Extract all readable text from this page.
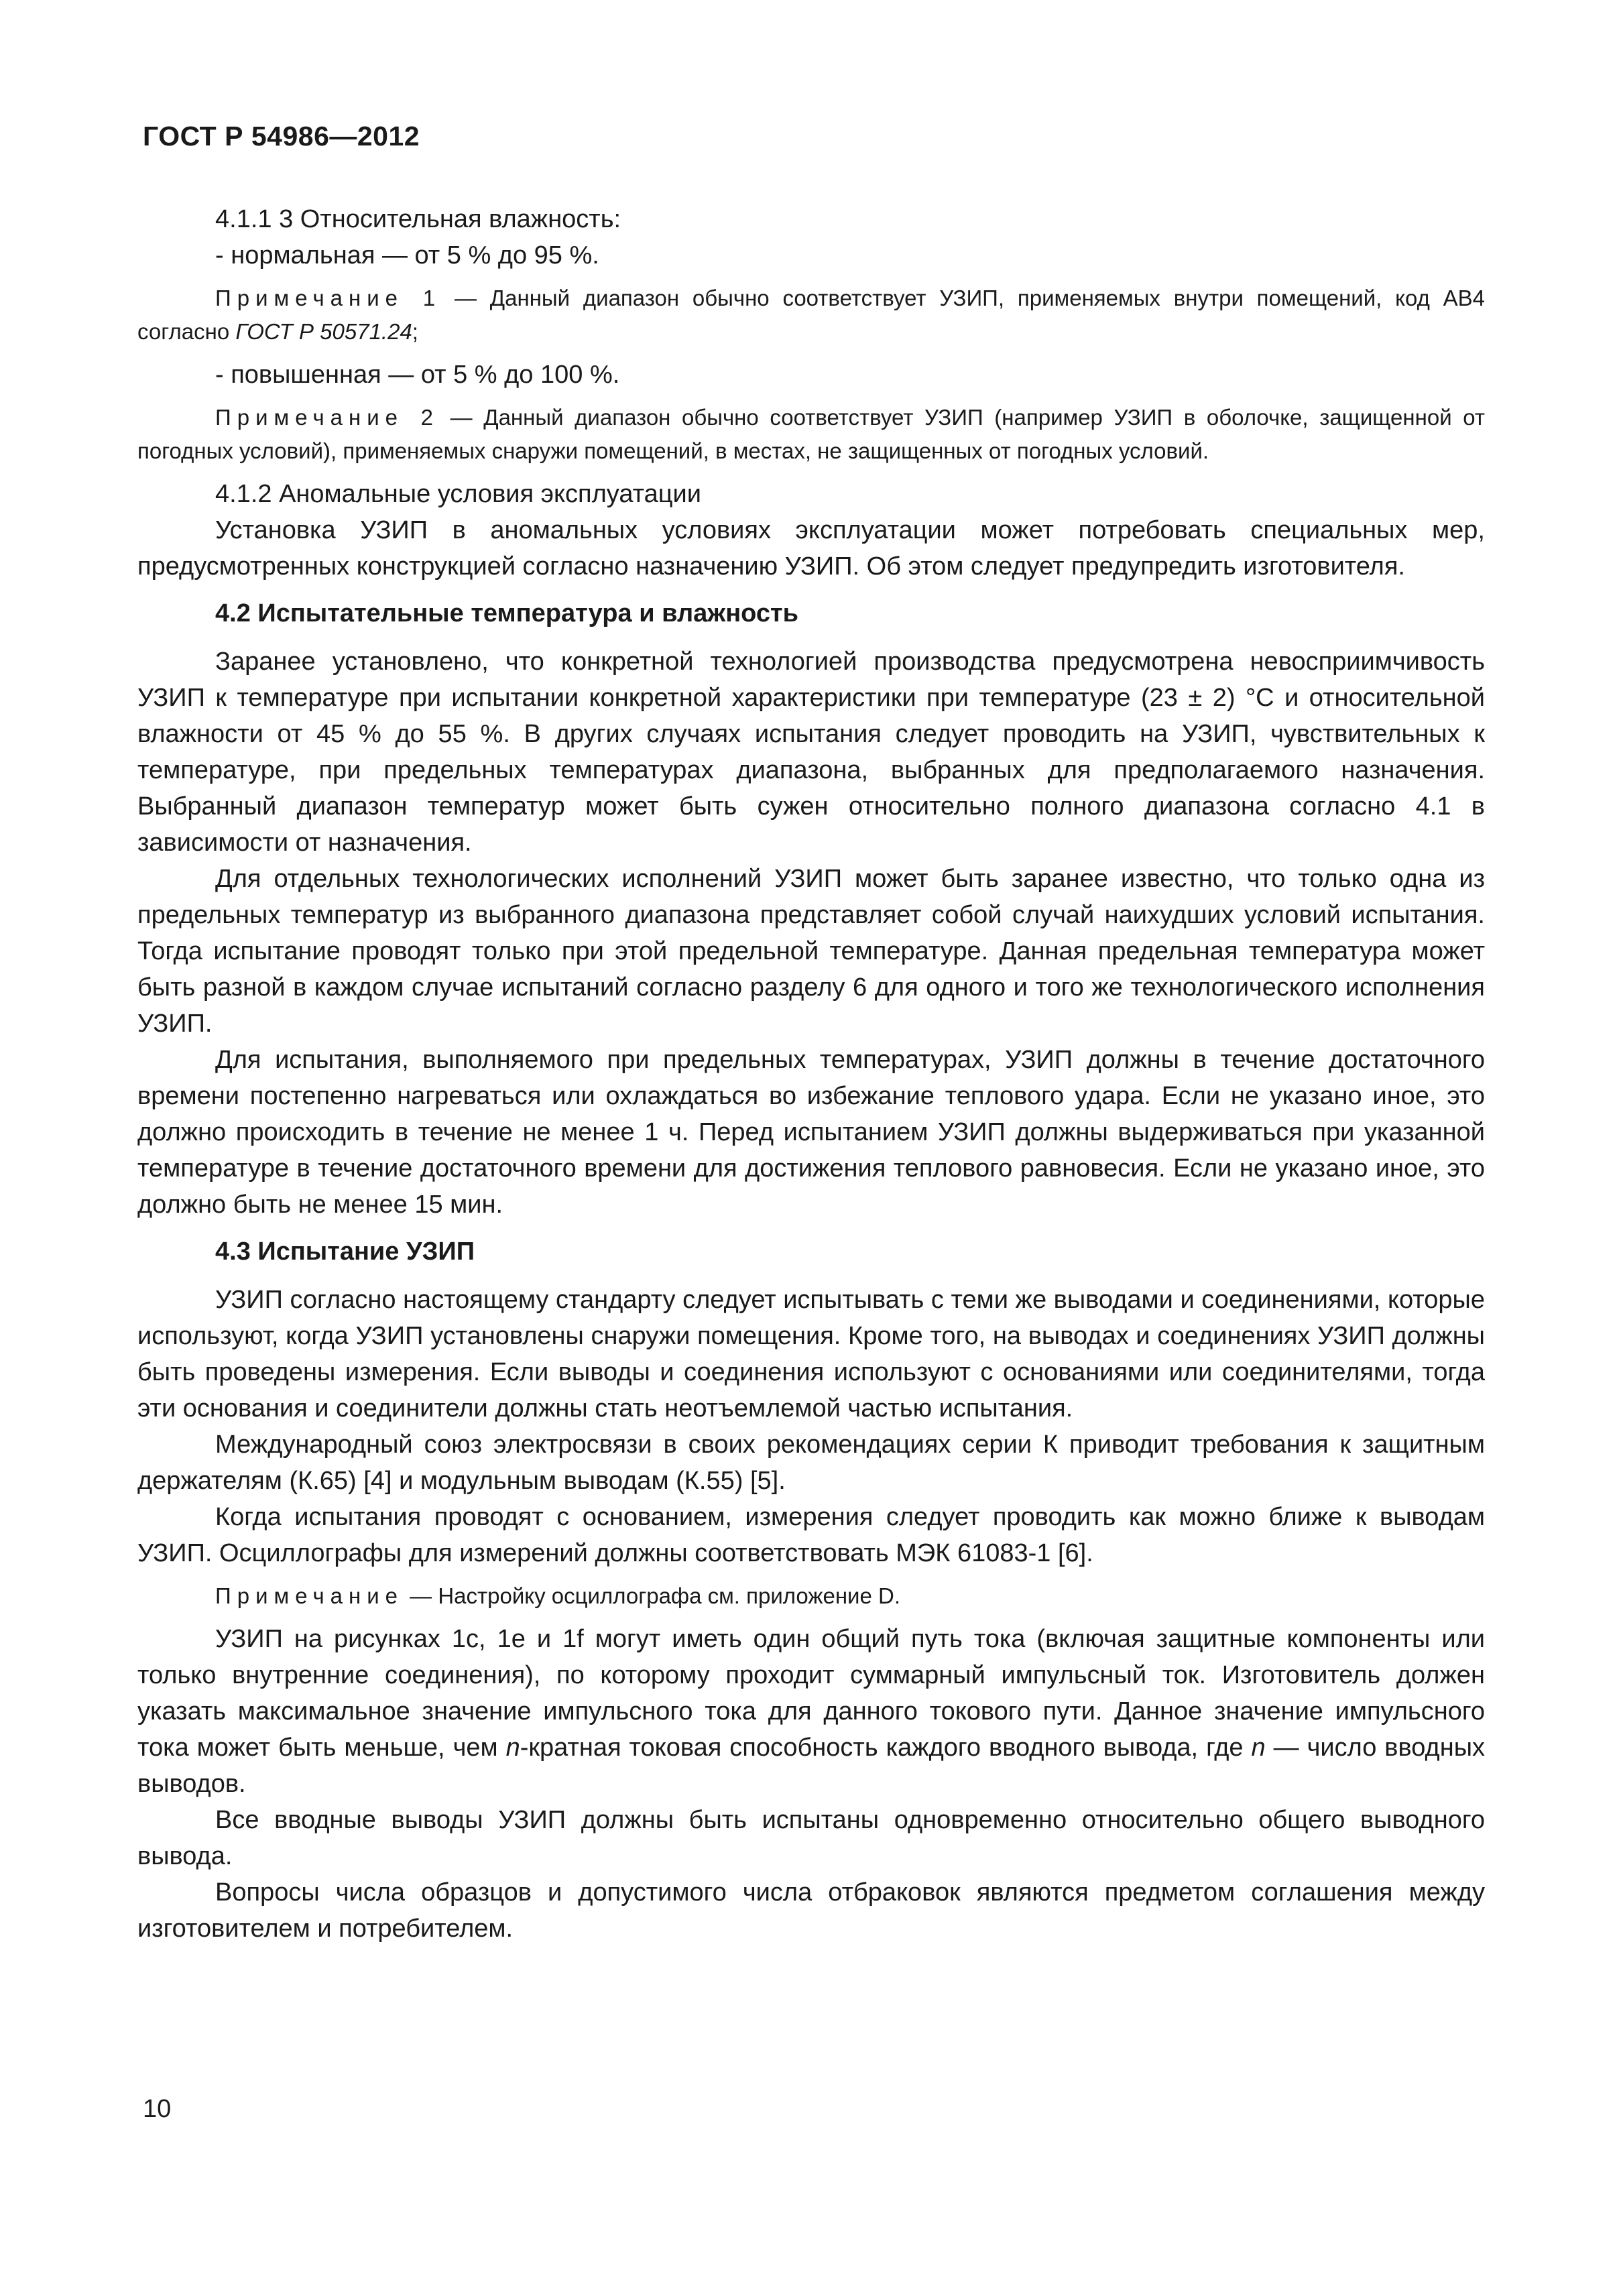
ГОСТ Р 54986—2012

4.1.1 3 Относительная влажность:

- нормальная — от 5 % до 95 %.

Примечание 1 — Данный диапазон обычно соответствует УЗИП, применяемых внутри помещений, код АВ4 согласно ГОСТ Р 50571.24;

- повышенная — от 5 % до 100 %.

Примечание 2 — Данный диапазон обычно соответствует УЗИП (например УЗИП в оболочке, защищенной от погодных условий), применяемых снаружи помещений, в местах, не защищенных от погодных условий.

4.1.2 Аномальные условия эксплуатации

Установка УЗИП в аномальных условиях эксплуатации может потребовать специальных мер, предусмотренных конструкцией согласно назначению УЗИП. Об этом следует предупредить изготовителя.

4.2 Испытательные температура и влажность

Заранее установлено, что конкретной технологией производства предусмотрена невосприимчивость УЗИП к температуре при испытании конкретной характеристики при температуре (23 ± 2) °С и относительной влажности от 45 % до 55 %. В других случаях испытания следует проводить на УЗИП, чувствительных к температуре, при предельных температурах диапазона, выбранных для предполагаемого назначения. Выбранный диапазон температур может быть сужен относительно полного диапазона согласно 4.1 в зависимости от назначения.

Для отдельных технологических исполнений УЗИП может быть заранее известно, что только одна из предельных температур из выбранного диапазона представляет собой случай наихудших условий испытания. Тогда испытание проводят только при этой предельной температуре. Данная предельная температура может быть разной в каждом случае испытаний согласно разделу 6 для одного и того же технологического исполнения УЗИП.

Для испытания, выполняемого при предельных температурах, УЗИП должны в течение достаточного времени постепенно нагреваться или охлаждаться во избежание теплового удара. Если не указано иное, это должно происходить в течение не менее 1 ч. Перед испытанием УЗИП должны выдерживаться при указанной температуре в течение достаточного времени для достижения теплового равновесия. Если не указано иное, это должно быть не менее 15 мин.

4.3 Испытание УЗИП

УЗИП согласно настоящему стандарту следует испытывать с теми же выводами и соединениями, которые используют, когда УЗИП установлены снаружи помещения. Кроме того, на выводах и соединениях УЗИП должны быть проведены измерения. Если выводы и соединения используют с основаниями или соединителями, тогда эти основания и соединители должны стать неотъемлемой частью испытания.

Международный союз электросвязи в своих рекомендациях серии К приводит требования к защитным держателям (К.65) [4] и модульным выводам (К.55) [5].

Когда испытания проводят с основанием, измерения следует проводить как можно ближе к выводам УЗИП. Осциллографы для измерений должны соответствовать МЭК 61083-1 [6].

Примечание — Настройку осциллографа см. приложение D.

УЗИП на рисунках 1с, 1е и 1f могут иметь один общий путь тока (включая защитные компоненты или только внутренние соединения), по которому проходит суммарный импульсный ток. Изготовитель должен указать максимальное значение импульсного тока для данного токового пути. Данное значение импульсного тока может быть меньше, чем n-кратная токовая способность каждого вводного вывода, где n — число вводных выводов.

Все вводные выводы УЗИП должны быть испытаны одновременно относительно общего выводного вывода.

Вопросы числа образцов и допустимого числа отбраковок являются предметом соглашения между изготовителем и потребителем.

10
